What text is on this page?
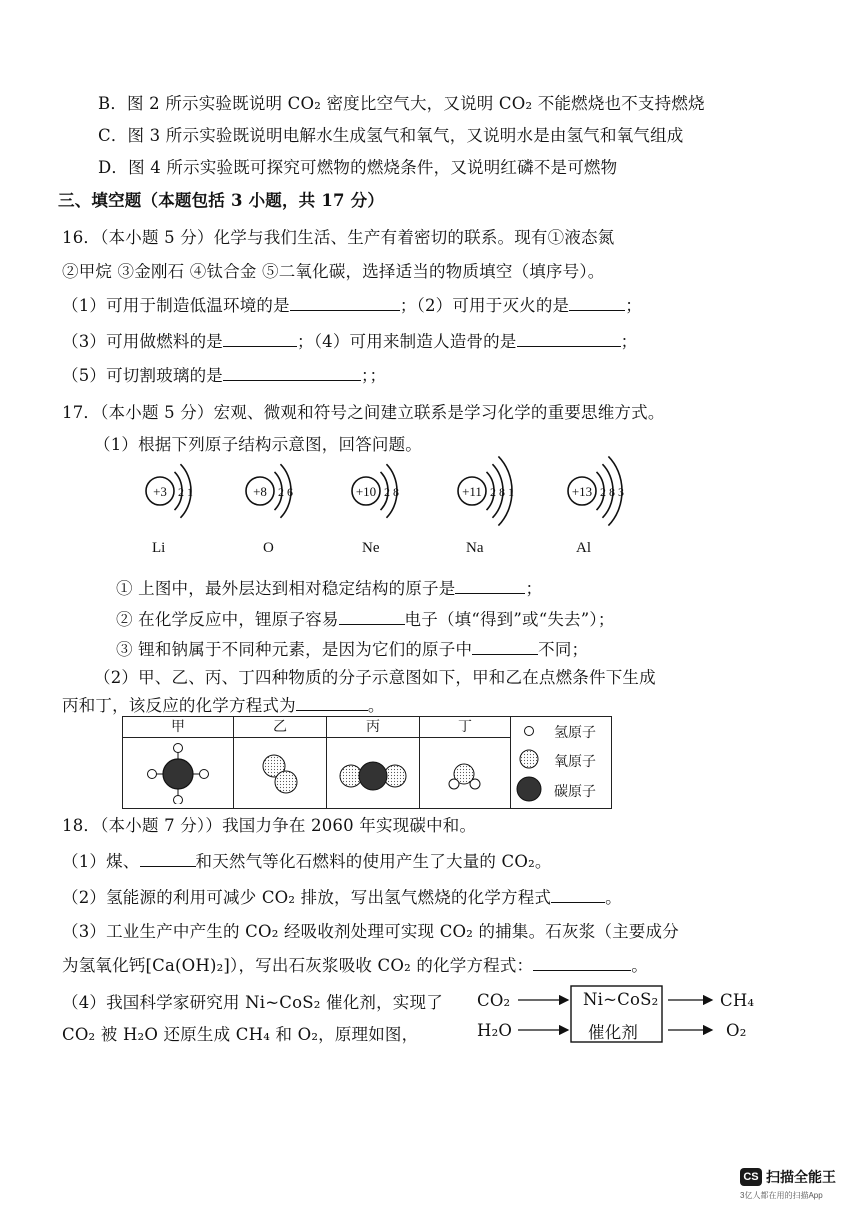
B．图 2 所示实验既说明 CO₂ 密度比空气大，又说明 CO₂ 不能燃烧也不支持燃烧
C．图 3 所示实验既说明电解水生成氢气和氧气，又说明水是由氢气和氧气组成
D．图 4 所示实验既可探究可燃物的燃烧条件，又说明红磷不是可燃物
三、填空题（本题包括 3 小题，共 17 分）
16．（本小题 5 分）化学与我们生活、生产有着密切的联系。现有①液态氮
②甲烷 ③金刚石 ④钛合金 ⑤二氧化碳，选择适当的物质填空（填序号）。
（1）可用于制造低温环境的是	；（2）可用于灭火的是	；
（3）可用做燃料的是	；（4）可用来制造人造骨的是	；
（5）可切割玻璃的是	；；
17．（本小题 5 分）宏观、微观和符号之间建立联系是学习化学的重要思维方式。
（1）根据下列原子结构示意图，回答问题。
+3 2 1	+8 2 6	+10 2 8	+11 2 8 1	+13 2 8 3
Li	O	Ne	Na	Al
① 上图中，最外层达到相对稳定结构的原子是	；
② 在化学反应中，锂原子容易	电子（填“得到”或“失去”）；
③ 锂和钠属于不同种元素，是因为它们的原子中	不同；
（2）甲、乙、丙、丁四种物质的分子示意图如下，甲和乙在点燃条件下生成
丙和丁，该反应的化学方程式为	。
甲	乙	丙	丁
		氢原子
氧原子
碳原子
18．（本小题 7 分））我国力争在 2060 年实现碳中和。
（1）煤、	和天然气等化石燃料的使用产生了大量的 CO₂。
（2）氢能源的利用可减少 CO₂ 排放，写出氢气燃烧的化学方程式	。
（3）工业生产中产生的 CO₂ 经吸收剂处理可实现 CO₂ 的捕集。石灰浆（主要成分
为氢氧化钙[Ca(OH)₂]），写出石灰浆吸收 CO₂ 的化学方程式：	。
（4）我国科学家研究用 Ni~CoS₂ 催化剂，实现了
CO₂ 被 H₂O 还原生成 CH₄ 和 O₂，原理如图，
CO₂
H₂O
Ni~CoS₂
催化剂
CH₄
O₂
CS 扫描全能王
3亿人都在用的扫描App
